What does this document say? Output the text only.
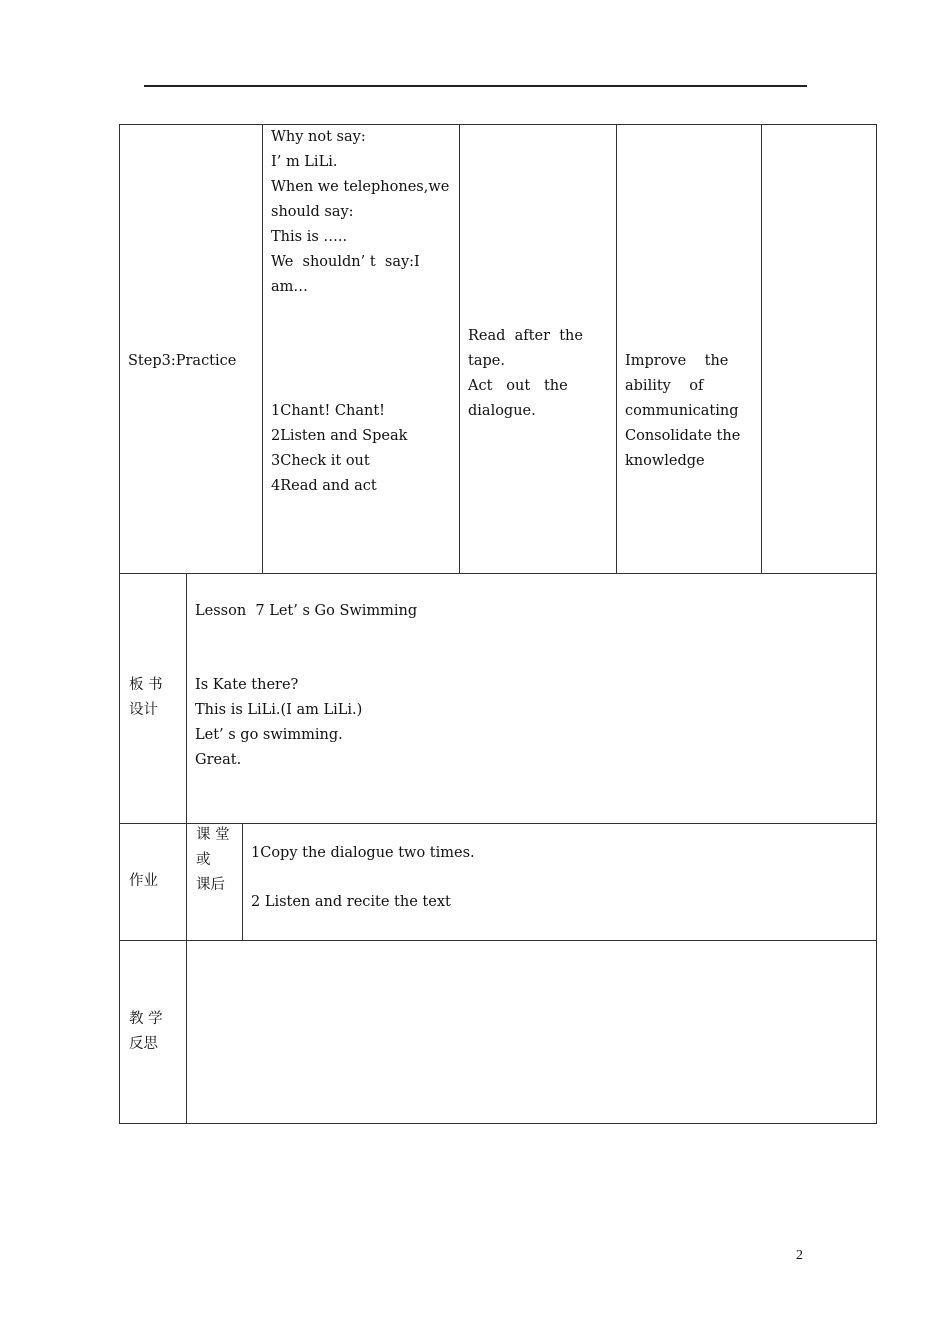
Step3:Practice
Why not say:
I’ m LiLi.
When we telephones,we
should say:
This is …..
We  shouldn’ t  say:I
am…
1Chant! Chant!
2Listen and Speak
3Check it out
4Read and act
Read  after  the
tape.
Act   out   the
dialogue.
Improve    the
ability    of
communicating
Consolidate the
knowledge
板 书
设计
Lesson  7 Let’ s Go Swimming
Is Kate there?
This is LiLi.(I am LiLi.)
Let’ s go swimming.
Great.
作业
课 堂
或
课后
1Copy the dialogue two times.
2 Listen and recite the text
教 学
反思
2
